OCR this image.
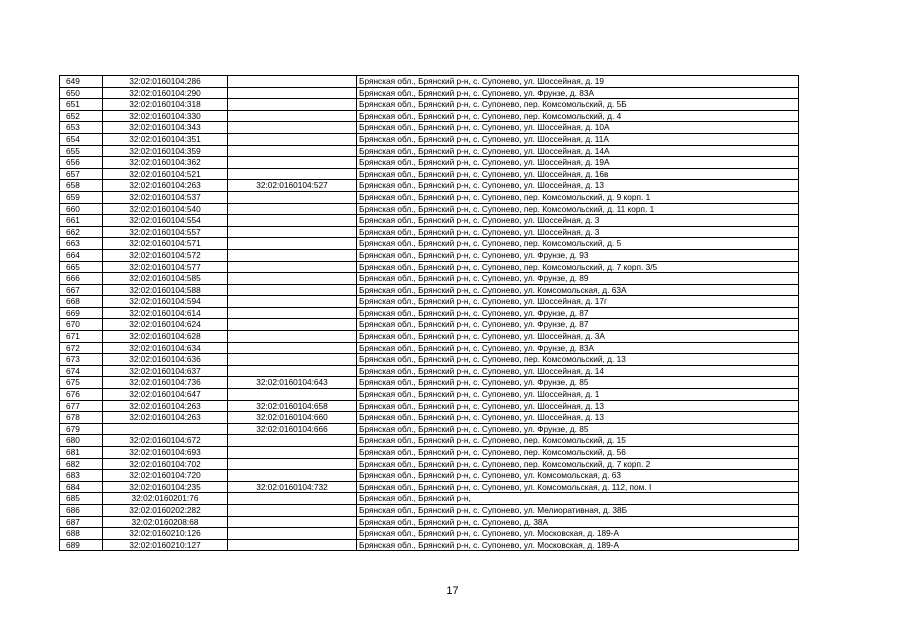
649	32:02:0160104:286		Брянская обл., Брянский р-н, с. Супонево, ул. Шоссейная, д. 19
650	32:02:0160104:290		Брянская обл., Брянский р-н, с. Супонево, ул. Фрунзе, д. 83А
651	32:02:0160104:318		Брянская обл., Брянский р-н, с. Супонево, пер. Комсомольский, д. 5Б
652	32:02:0160104:330		Брянская обл., Брянский р-н, с. Супонево, пер. Комсомольский, д. 4
653	32:02:0160104:343		Брянская обл., Брянский р-н, с. Супонево, ул. Шоссейная, д. 10А
654	32:02:0160104:351		Брянская обл., Брянский р-н, с. Супонево, ул. Шоссейная, д. 11А
655	32:02:0160104:359		Брянская обл., Брянский р-н, с. Супонево, ул. Шоссейная, д. 14А
656	32:02:0160104:362		Брянская обл., Брянский р-н, с. Супонево, ул. Шоссейная, д. 19А
657	32:02:0160104:521		Брянская обл., Брянский р-н, с. Супонево, ул. Шоссейная, д. 16в
658	32:02:0160104:263	32:02:0160104:527	Брянская обл., Брянский р-н, с. Супонево, ул. Шоссейная, д. 13
659	32:02:0160104:537		Брянская обл., Брянский р-н, с. Супонево, пер. Комсомольский, д. 9 корп. 1
660	32:02:0160104:540		Брянская обл., Брянский р-н, с. Супонево, пер. Комсомольский, д. 11 корп. 1
661	32:02:0160104:554		Брянская обл., Брянский р-н, с. Супонево, ул. Шоссейная, д. 3
662	32:02:0160104:557		Брянская обл., Брянский р-н, с. Супонево, ул. Шоссейная, д. 3
663	32:02:0160104:571		Брянская обл., Брянский р-н, с. Супонево, пер. Комсомольский, д. 5
664	32:02:0160104:572		Брянская обл., Брянский р-н, с. Супонево, ул. Фрунзе, д. 93
665	32:02:0160104:577		Брянская обл., Брянский р-н, с. Супонево, пер. Комсомольский, д. 7 корп. 3/5
666	32:02:0160104:585		Брянская обл., Брянский р-н, с. Супонево, ул. Фрунзе, д. 89
667	32:02:0160104:588		Брянская обл., Брянский р-н, с. Супонево, ул. Комсомольская, д. 63А
668	32:02:0160104:594		Брянская обл., Брянский р-н, с. Супонево, ул. Шоссейная, д. 17г
669	32:02:0160104:614		Брянская обл., Брянский р-н, с. Супонево, ул. Фрунзе, д. 87
670	32:02:0160104:624		Брянская обл., Брянский р-н, с. Супонево, ул. Фрунзе, д. 87
671	32:02:0160104:628		Брянская обл., Брянский р-н, с. Супонево, ул. Шоссейная, д. 3А
672	32:02:0160104:634		Брянская обл., Брянский р-н, с. Супонево, ул. Фрунзе, д. 83А
673	32:02:0160104:636		Брянская обл., Брянский р-н, с. Супонево, пер. Комсомольский, д. 13
674	32:02:0160104:637		Брянская обл., Брянский р-н, с. Супонево, ул. Шоссейная, д. 14
675	32:02:0160104:736	32:02:0160104:643	Брянская обл., Брянский р-н, с. Супонево, ул. Фрунзе, д. 85
676	32:02:0160104:647		Брянская обл., Брянский р-н, с. Супонево, ул. Шоссейная, д. 1
677	32:02:0160104:263	32:02:0160104:658	Брянская обл., Брянский р-н, с. Супонево, ул. Шоссейная, д. 13
678	32:02:0160104:263	32:02:0160104:660	Брянская обл., Брянский р-н, с. Супонево, ул. Шоссейная, д. 13
679		32:02:0160104:666	Брянская обл., Брянский р-н, с. Супонево, ул. Фрунзе, д. 85
680	32:02:0160104:672		Брянская обл., Брянский р-н, с. Супонево, пер. Комсомольский, д. 15
681	32:02:0160104:693		Брянская обл., Брянский р-н, с. Супонево, пер. Комсомольский, д. 56
682	32:02:0160104:702		Брянская обл., Брянский р-н, с. Супонево, пер. Комсомольский, д. 7 корп. 2
683	32:02:0160104:720		Брянская обл., Брянский р-н, с. Супонево, ул. Комсомольская, д. 63
684	32:02:0160104:235	32:02:0160104:732	Брянская обл., Брянский р-н, с. Супонево, ул. Комсомольская, д. 112, пом. I
685	32:02:0160201:76		Брянская обл., Брянский р-н,
686	32:02:0160202:282		Брянская обл., Брянский р-н, с. Супонево, ул. Мелиоративная, д. 38Б
687	32:02:0160208:68		Брянская обл., Брянский р-н, с. Супонево, д. 38А
688	32:02:0160210:126		Брянская обл., Брянский р-н, с. Супонево, ул. Московская, д. 189-А
689	32:02:0160210:127		Брянская обл., Брянский р-н, с. Супонево, ул. Московская, д. 189-А
17
